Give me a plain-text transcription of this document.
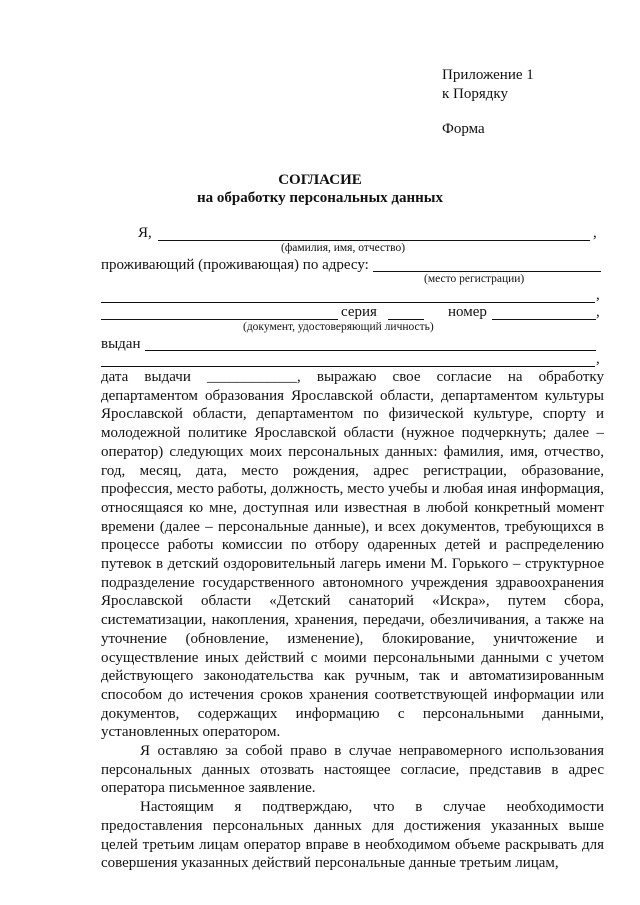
Приложение 1
к Порядку
Форма
СОГЛАСИЕ
на обработку персональных данных
Я,	,
(фамилия, имя, отчество)
проживающий (проживающая) по адресу:
(место регистрации)
,
серия	номер	,
(документ, удостоверяющий личность)
выдан
,

дата выдачи ____________, выражаю свое согласие на обработку департаментом образования Ярославской области, департаментом культуры Ярославской области, департаментом по физической культуре, спорту и молодежной политике Ярославской области (нужное подчеркнуть; далее – оператор) следующих моих персональных данных: фамилия, имя, отчество, год, месяц, дата, место рождения, адрес регистрации, образование, профессия, место работы, должность, место учебы и любая иная информация, относящаяся ко мне, доступная или известная в любой конкретный момент времени (далее – персональные данные), и всех документов, требующихся в процессе работы комиссии по отбору одаренных детей и распределению путевок в детский оздоровительный лагерь имени М. Горького – структурное подразделение государственного автономного учреждения здравоохранения Ярославской области «Детский санаторий «Искра», путем сбора, систематизации, накопления, хранения, передачи, обезличивания, а также на уточнение (обновление, изменение), блокирование, уничтожение и осуществление иных действий с моими персональными данными с учетом действующего законодательства как ручным, так и автоматизированным способом до истечения сроков хранения соответствующей информации или документов, содержащих информацию с персональными данными, установленных оператором.

Я оставляю за собой право в случае неправомерного использования персональных данных отозвать настоящее согласие, представив в адрес оператора письменное заявление.

Настоящим я подтверждаю, что в случае необходимости предоставления персональных данных для достижения указанных выше целей третьим лицам оператор вправе в необходимом объеме раскрывать для совершения указанных действий персональные данные третьим лицам,
